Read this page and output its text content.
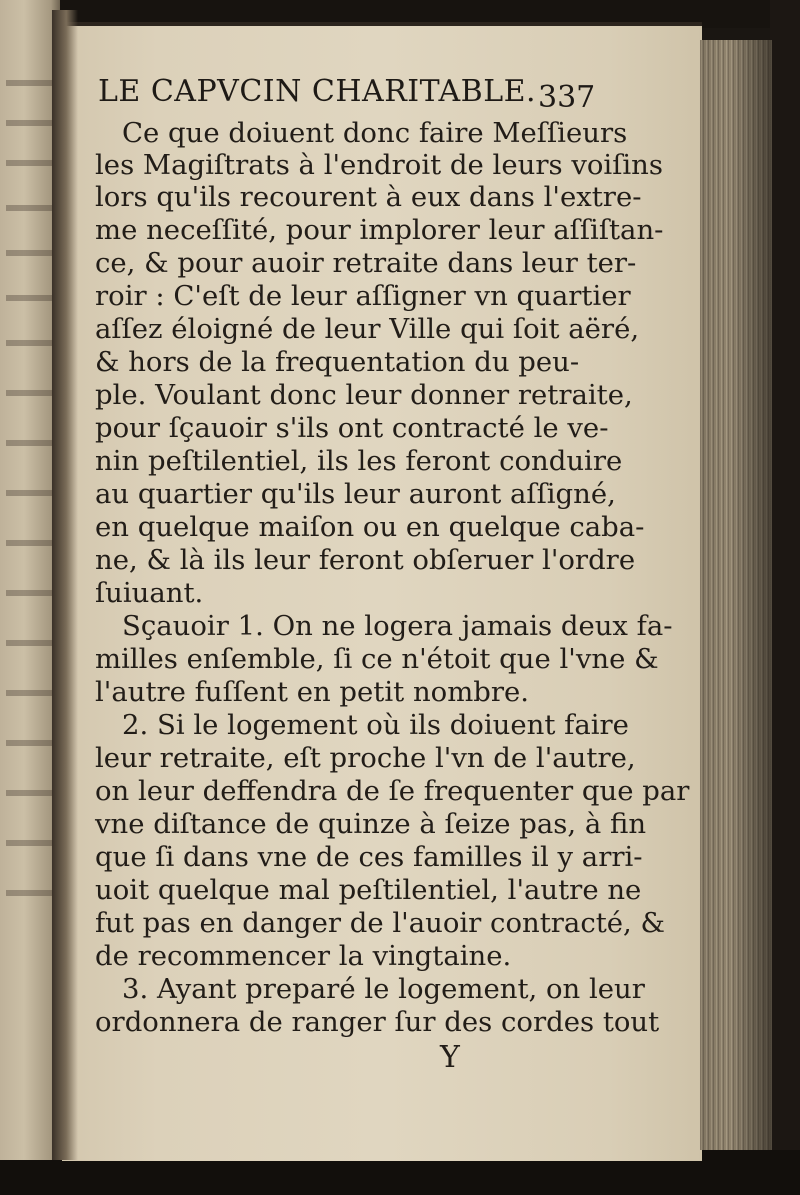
LE CAPVCIN CHARITABLE. 337
Ce que doiuent donc faire Meſſieurs
les Magiſtrats à l'endroit de leurs voiſins
lors qu'ils recourent à eux dans l'extre-
me neceſſité, pour implorer leur aſſiſtan-
ce, & pour auoir retraite dans leur ter-
roir : C'eſt de leur aſſigner vn quartier
aſſez éloigné de leur Ville qui ſoit aëré,
& hors de la frequentation du peu-
ple. Voulant donc leur donner retraite,
pour ſçauoir s'ils ont contracté le ve-
nin peſtilentiel, ils les feront conduire
au quartier qu'ils leur auront aſſigné,
en quelque maiſon ou en quelque caba-
ne, & là ils leur feront obſeruer l'ordre
ſuiuant.
Sçauoir 1. On ne logera jamais deux fa-
milles enſemble, ſi ce n'étoit que l'vne &
l'autre fuſſent en petit nombre.
2. Si le logement où ils doiuent faire
leur retraite, eſt proche l'vn de l'autre,
on leur deffendra de ſe frequenter que par
vne diſtance de quinze à ſeize pas, à fin
que ſi dans vne de ces familles il y arri-
uoit quelque mal peſtilentiel, l'autre ne
fut pas en danger de l'auoir contracté, &
de recommencer la vingtaine.
3. Ayant preparé le logement, on leur
ordonnera de ranger ſur des cordes tout
Y
